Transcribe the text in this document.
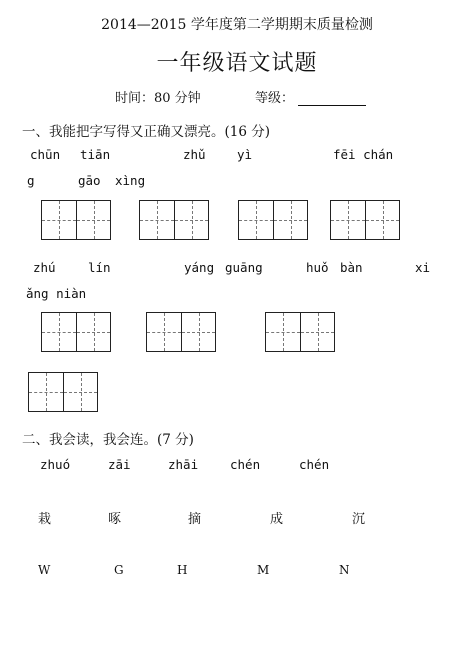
2014—2015 学年度第二学期期末质量检测
一年级语文试题
时间：80 分钟	等级：
一、我能把字写得又正确又漂亮。(16 分)
chūn tiān	zhǔ	yì	fēi chán
g	gāo xìng
zhú	lín	yáng guāng	huǒ bàn	xi
ǎng niàn
二、我会读，我会连。(7 分)
zhuó	zāi	zhāi	chén	chén
栽	啄	摘	成	沉
W	G	H	M	N
